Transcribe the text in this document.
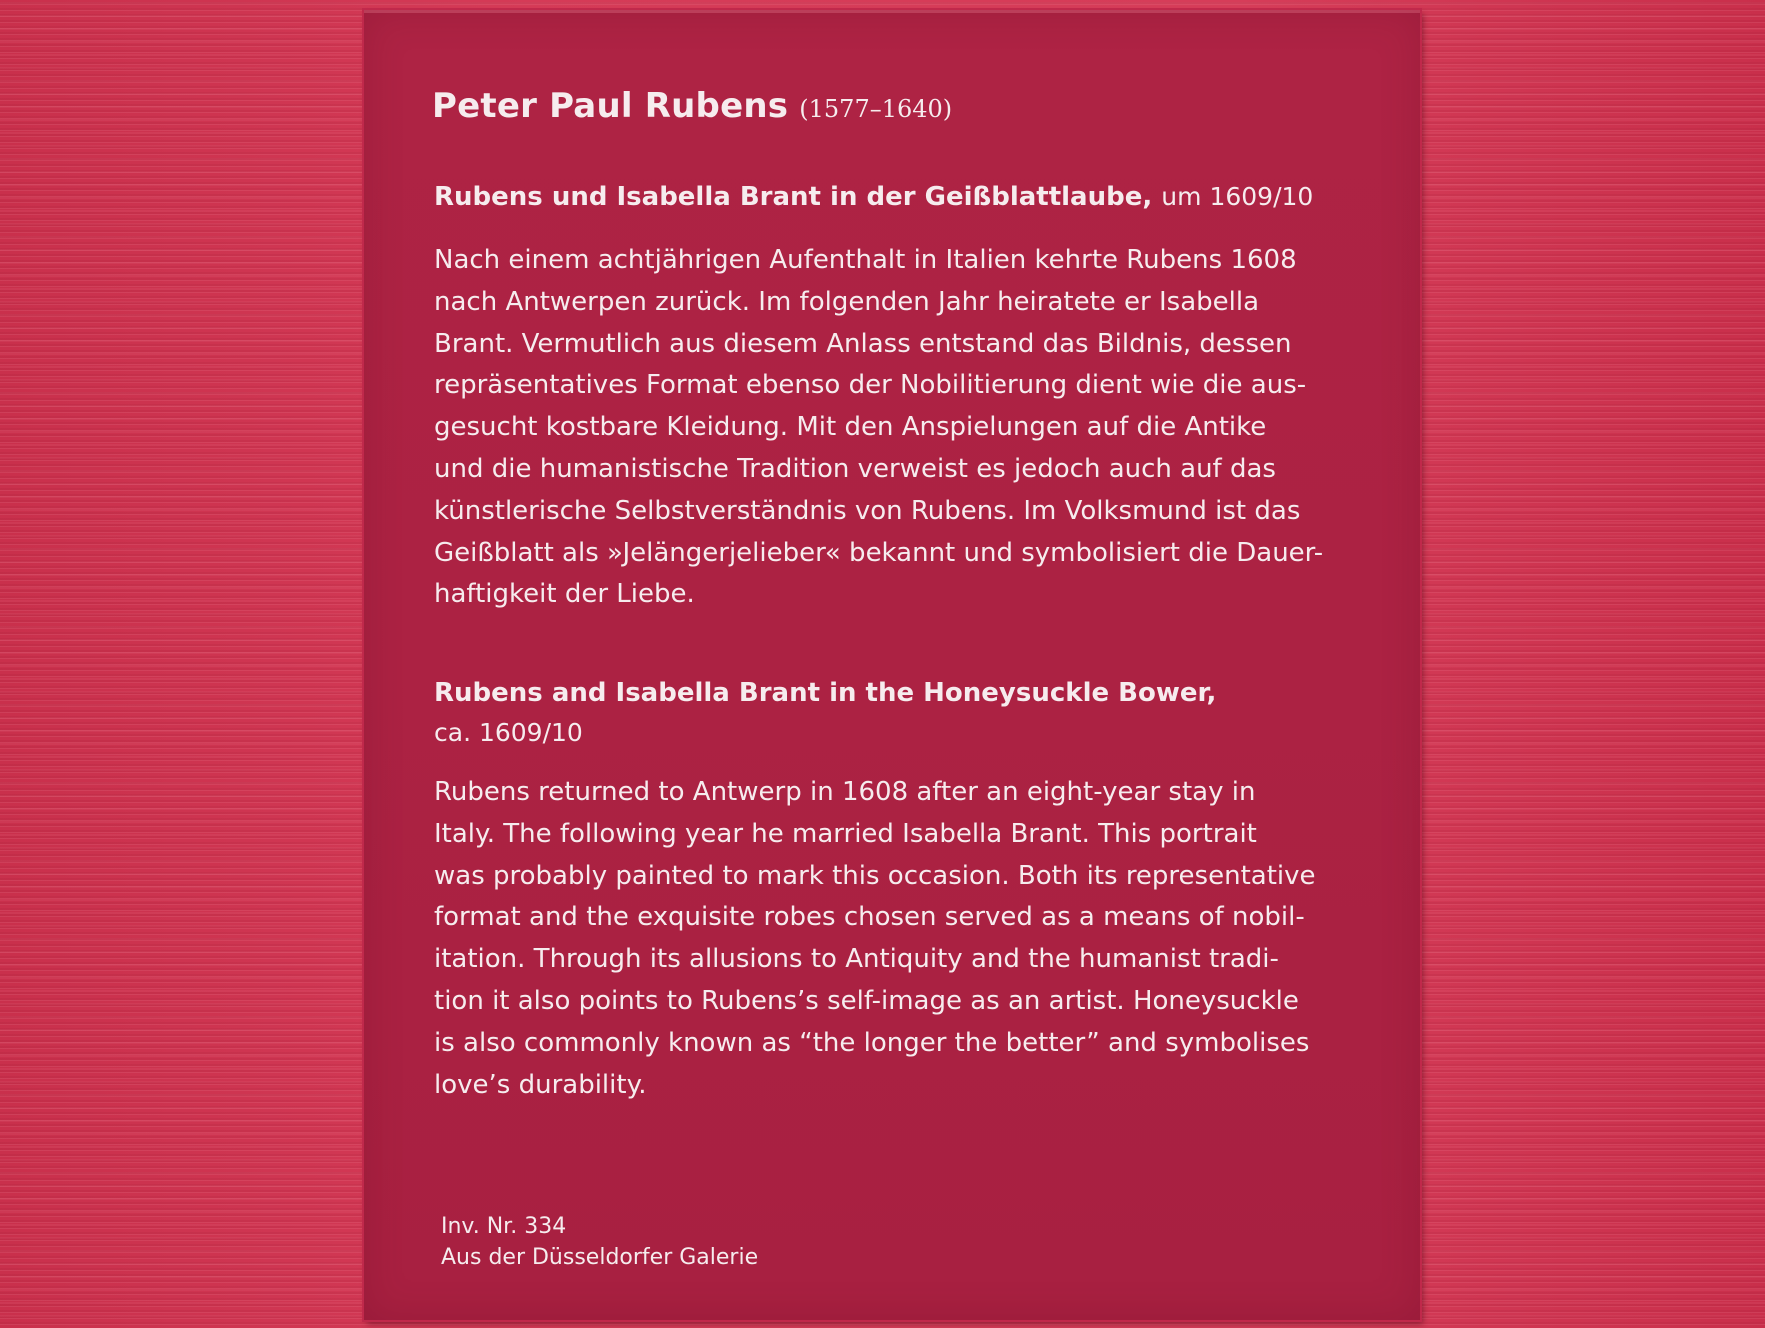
Peter Paul Rubens (1577–1640)
Rubens und Isabella Brant in der Geißblattlaube, um 1609/10
Nach einem achtjährigen Aufenthalt in Italien kehrte Rubens 1608
nach Antwerpen zurück. Im folgenden Jahr heiratete er Isabella
Brant. Vermutlich aus diesem Anlass entstand das Bildnis, dessen
repräsentatives Format ebenso der Nobilitierung dient wie die aus-
gesucht kostbare Kleidung. Mit den Anspielungen auf die Antike
und die humanistische Tradition verweist es jedoch auch auf das
künstlerische Selbstverständnis von Rubens. Im Volksmund ist das
Geißblatt als »Jelängerjelieber« bekannt und symbolisiert die Dauer-
haftigkeit der Liebe.
Rubens and Isabella Brant in the Honeysuckle Bower,
ca. 1609/10
Rubens returned to Antwerp in 1608 after an eight-year stay in
Italy. The following year he married Isabella Brant. This portrait
was probably painted to mark this occasion. Both its representative
format and the exquisite robes chosen served as a means of nobil-
itation. Through its allusions to Antiquity and the humanist tradi-
tion it also points to Rubens’s self-image as an artist. Honeysuckle
is also commonly known as “the longer the better” and symbolises
love’s durability.
Inv. Nr. 334
Aus der Düsseldorfer Galerie
